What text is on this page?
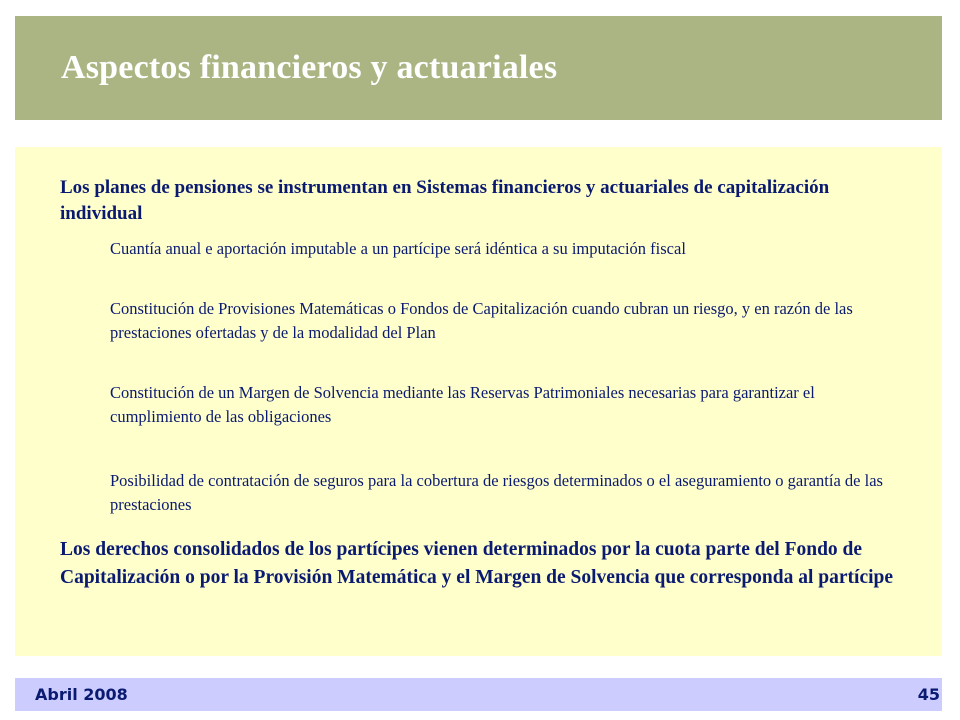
Aspectos financieros y actuariales
Los planes de pensiones se instrumentan en Sistemas financieros y actuariales de capitalización individual
Cuantía anual e aportación imputable a un partícipe será idéntica a su imputación fiscal
Constitución de Provisiones Matemáticas o Fondos de Capitalización cuando cubran un riesgo, y en razón de las prestaciones ofertadas y de la modalidad del Plan
Constitución de un Margen de Solvencia mediante las Reservas Patrimoniales necesarias para garantizar el cumplimiento de las obligaciones
Posibilidad de contratación de seguros para la cobertura de riesgos determinados o el aseguramiento o garantía de las prestaciones
Los derechos consolidados de los partícipes vienen determinados por la cuota parte del Fondo de Capitalización o por la Provisión Matemática y el Margen de Solvencia que corresponda al partícipe
Abril 2008	45
